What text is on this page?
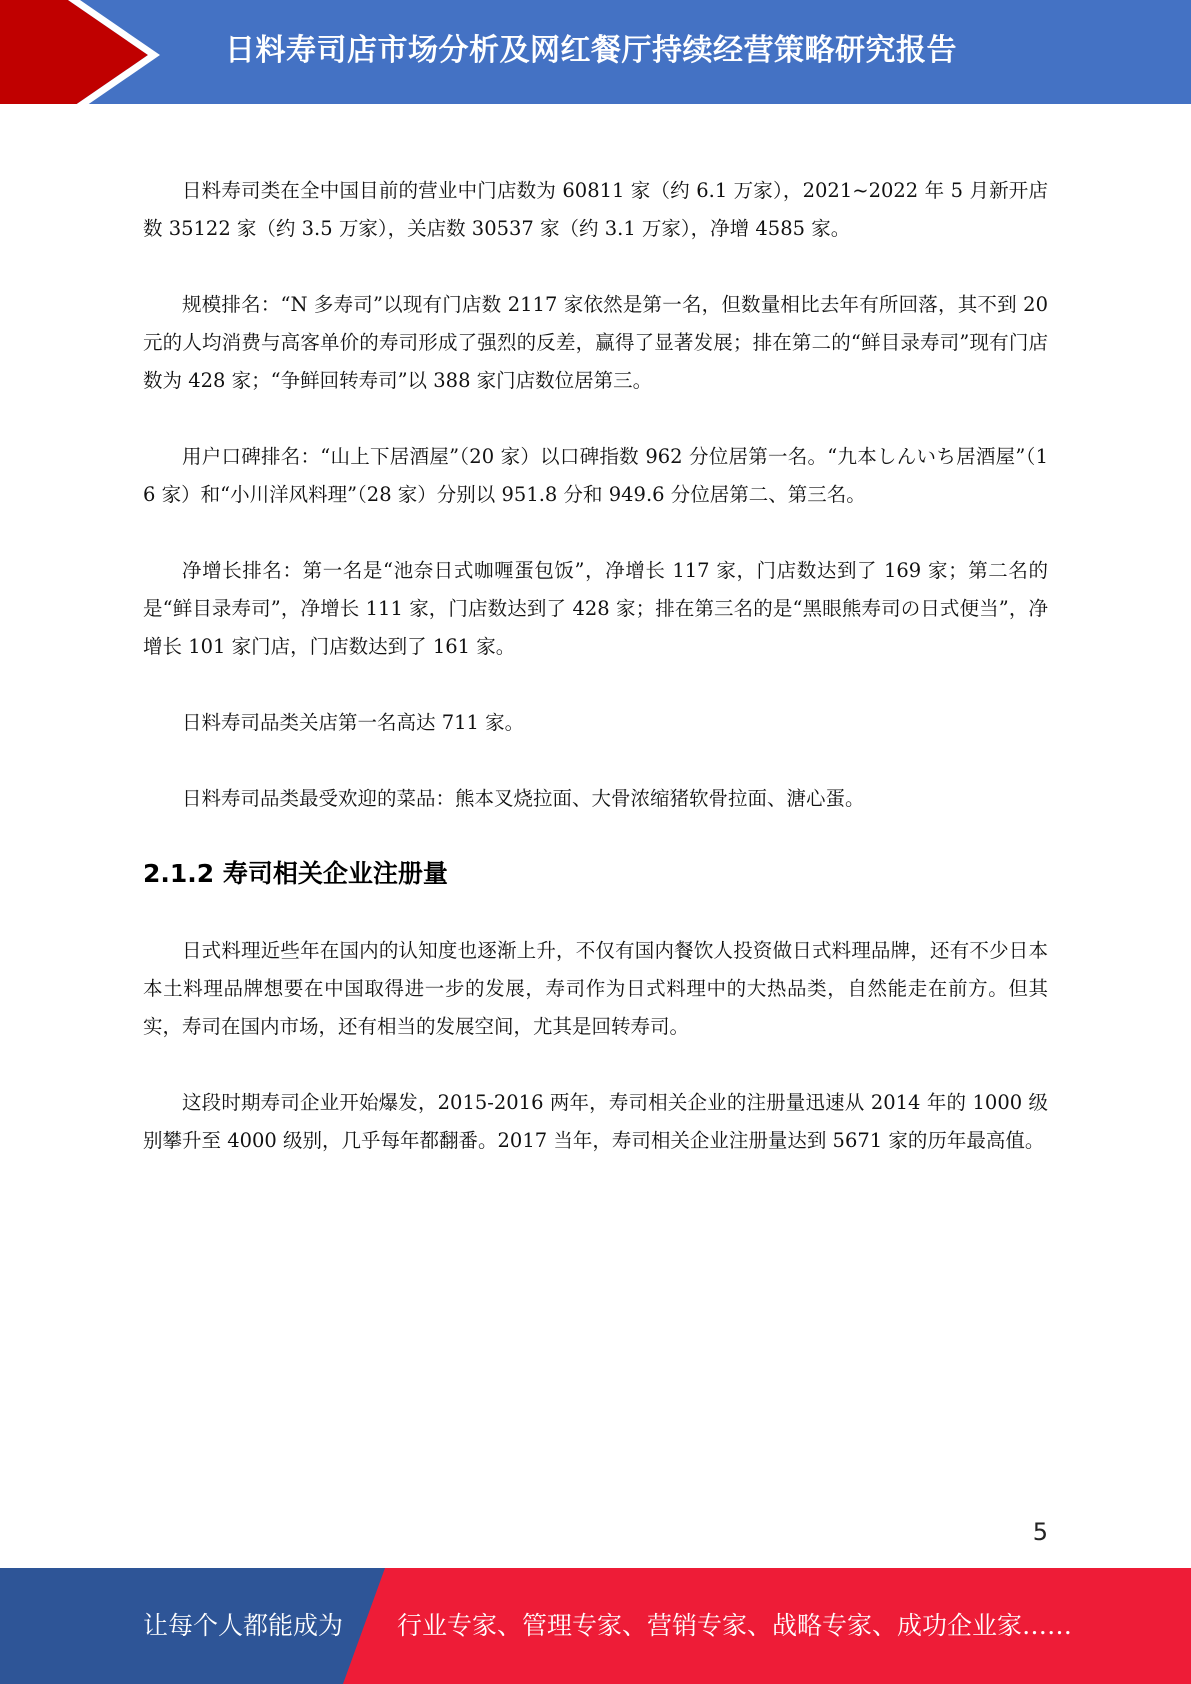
日料寿司店市场分析及网红餐厅持续经营策略研究报告

日料寿司类在全中国目前的营业中门店数为 60811 家（约 6.1 万家），2021~2022 年 5 月新开店数 35122 家（约 3.5 万家），关店数 30537 家（约 3.1 万家），净增 4585 家。

规模排名：“N 多寿司”以现有门店数 2117 家依然是第一名，但数量相比去年有所回落，其不到 20 元的人均消费与高客单价的寿司形成了强烈的反差，赢得了显著发展；排在第二的“鲜目录寿司”现有门店数为 428 家；“争鲜回转寿司”以 388 家门店数位居第三。

用户口碑排名：“山上下居酒屋”（20 家）以口碑指数 962 分位居第一名。“九本しんいち居酒屋”（16 家）和“小川洋风料理”（28 家）分别以 951.8 分和 949.6 分位居第二、第三名。

净增长排名：第一名是“池奈日式咖喱蛋包饭”，净增长 117 家，门店数达到了 169 家；第二名的是“鲜目录寿司”，净增长 111 家，门店数达到了 428 家；排在第三名的是“黑眼熊寿司の日式便当”，净增长 101 家门店，门店数达到了 161 家。

日料寿司品类关店第一名高达 711 家。

日料寿司品类最受欢迎的菜品：熊本叉烧拉面、大骨浓缩猪软骨拉面、溏心蛋。

2.1.2 寿司相关企业注册量

日式料理近些年在国内的认知度也逐渐上升，不仅有国内餐饮人投资做日式料理品牌，还有不少日本本土料理品牌想要在中国取得进一步的发展，寿司作为日式料理中的大热品类，自然能走在前方。但其实，寿司在国内市场，还有相当的发展空间，尤其是回转寿司。

这段时期寿司企业开始爆发，2015-2016 两年，寿司相关企业的注册量迅速从 2014 年的 1000 级别攀升至 4000 级别，几乎每年都翻番。2017 当年，寿司相关企业注册量达到 5671 家的历年最高值。

5
让每个人都能成为 行业专家、管理专家、营销专家、战略专家、成功企业家……
